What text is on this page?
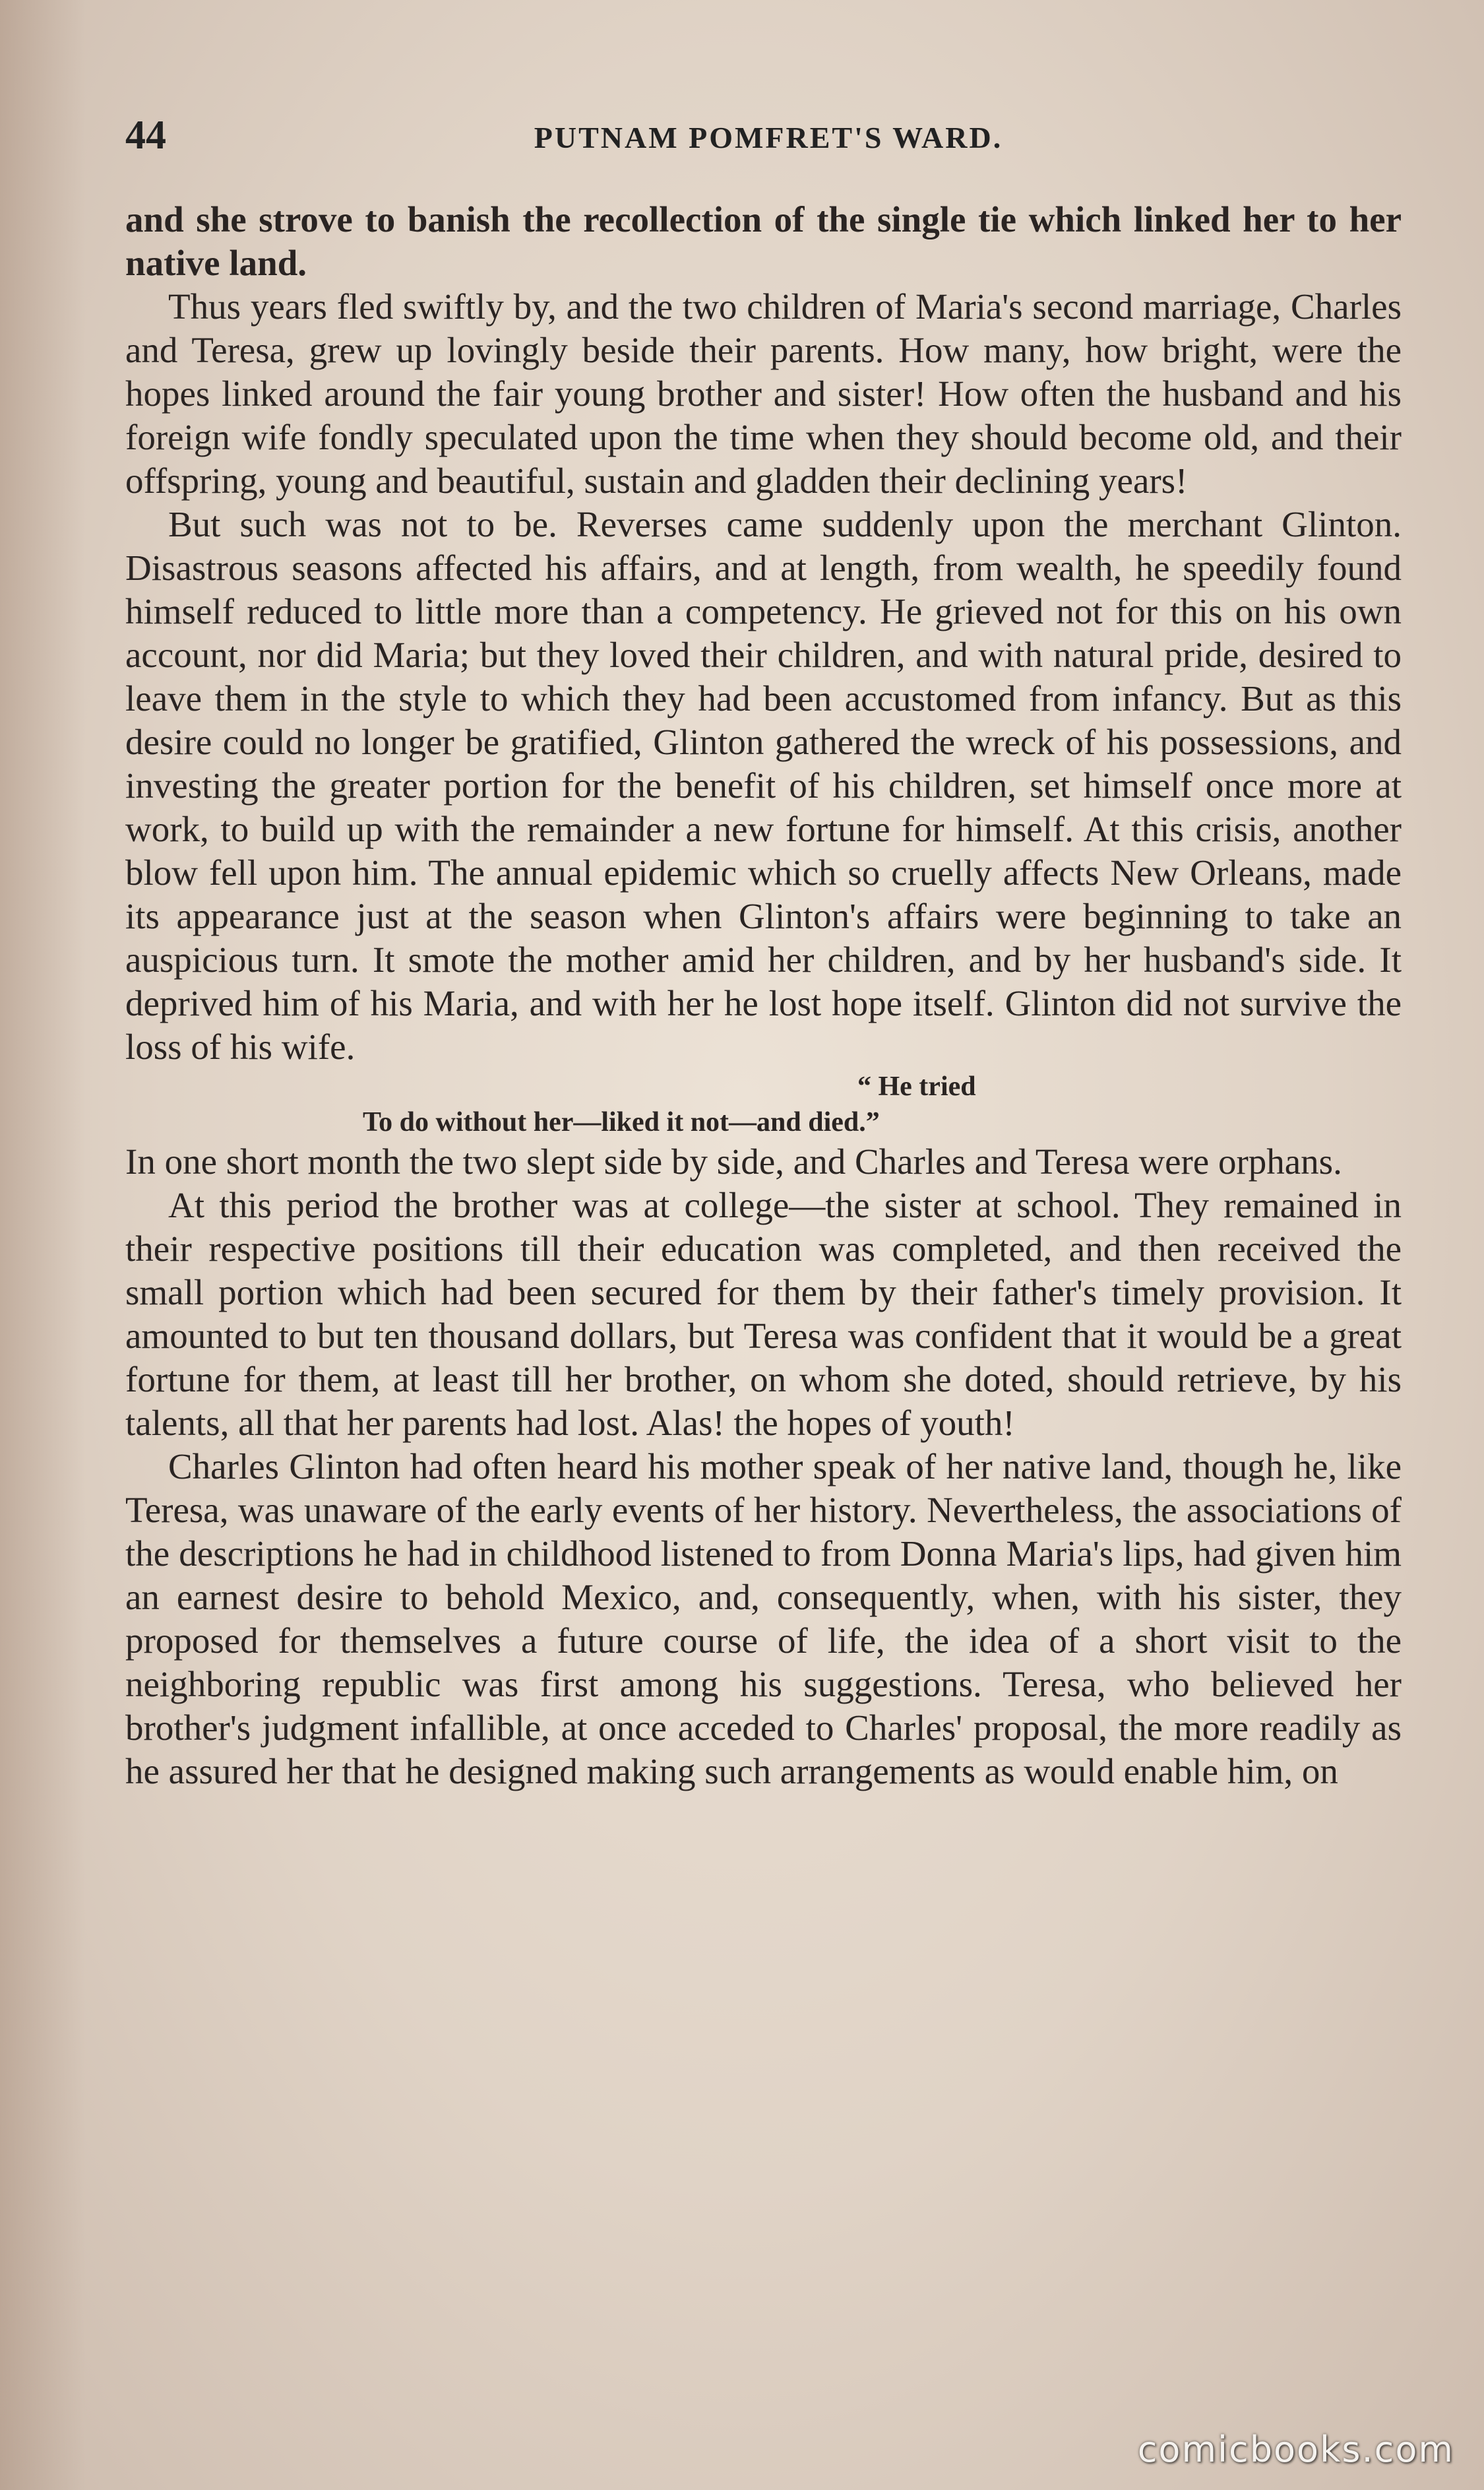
44	PUTNAM POMFRET'S WARD.

and she strove to banish the recollection of the single tie which linked her to her native land.

Thus years fled swiftly by, and the two children of Maria's second marriage, Charles and Teresa, grew up lovingly beside their parents. How many, how bright, were the hopes linked around the fair young brother and sister! How often the husband and his foreign wife fondly speculated upon the time when they should become old, and their offspring, young and beautiful, sustain and gladden their declining years!

But such was not to be. Reverses came suddenly upon the merchant Glinton. Disastrous seasons affected his affairs, and at length, from wealth, he speedily found himself reduced to little more than a competency. He grieved not for this on his own account, nor did Maria; but they loved their children, and with natural pride, desired to leave them in the style to which they had been accustomed from infancy. But as this desire could no longer be gratified, Glinton gathered the wreck of his possessions, and investing the greater portion for the benefit of his children, set himself once more at work, to build up with the remainder a new fortune for himself. At this crisis, another blow fell upon him. The annual epidemic which so cruelly affects New Orleans, made its appearance just at the season when Glinton's affairs were beginning to take an auspicious turn. It smote the mother amid her children, and by her husband's side. It deprived him of his Maria, and with her he lost hope itself. Glinton did not survive the loss of his wife.

“ He tried
To do without her—liked it not—and died.”

In one short month the two slept side by side, and Charles and Teresa were orphans.

At this period the brother was at college—the sister at school. They remained in their respective positions till their education was completed, and then received the small portion which had been secured for them by their father's timely provision. It amounted to but ten thousand dollars, but Teresa was confident that it would be a great fortune for them, at least till her brother, on whom she doted, should retrieve, by his talents, all that her parents had lost. Alas! the hopes of youth!

Charles Glinton had often heard his mother speak of her native land, though he, like Teresa, was unaware of the early events of her history. Nevertheless, the associations of the descriptions he had in childhood listened to from Donna Maria's lips, had given him an earnest desire to behold Mexico, and, consequently, when, with his sister, they proposed for themselves a future course of life, the idea of a short visit to the neighboring republic was first among his suggestions. Teresa, who believed her brother's judgment infallible, at once acceded to Charles' proposal, the more readily as he assured her that he designed making such arrangements as would enable him, on

comicbooks.com
